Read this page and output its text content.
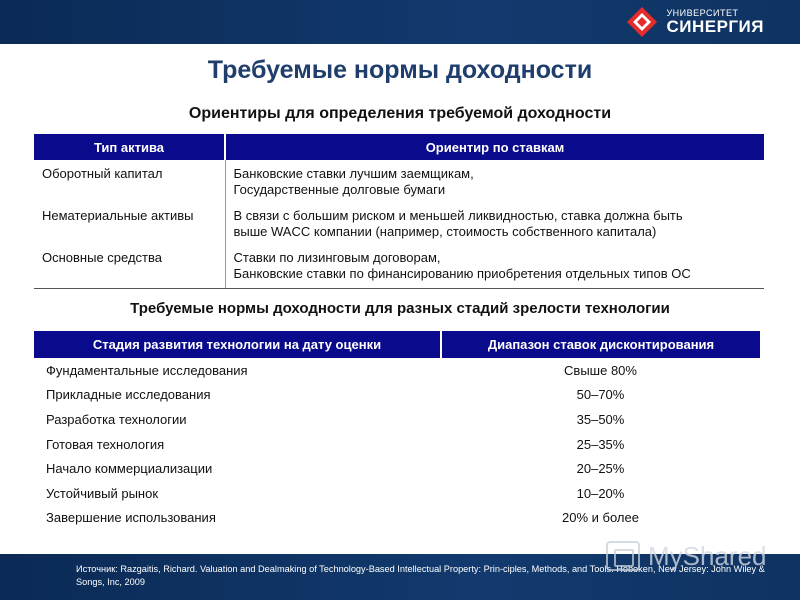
УНИВЕРСИТЕТ
СИНЕРГИЯ
Требуемые нормы доходности
Ориентиры для определения требуемой доходности
Тип актива	Ориентир по ставкам
Оборотный капитал	Банковские ставки лучшим заемщикам,
Государственные долговые бумаги
Нематериальные активы	В связи с большим риском и меньшей ликвидностью, ставка должна быть
выше WACC компании (например, стоимость собственного капитала)
Основные средства	Ставки по лизинговым договорам,
Банковские ставки по финансированию приобретения отдельных типов ОС
Требуемые нормы доходности для разных стадий зрелости технологии
Стадия развития технологии на дату оценки	Диапазон ставок дисконтирования
Фундаментальные исследования	Свыше 80%
Прикладные исследования	50–70%
Разработка технологии	35–50%
Готовая технология	25–35%
Начало коммерциализации	20–25%
Устойчивый рынок	10–20%
Завершение использования	20% и более
Источник: Razgaitis, Richard. Valuation and Dealmaking of Technology-Based Intellectual Property: Prin-ciples, Methods, and Tools. Hoboken, New Jersey: John Wiley & Songs, Inc, 2009
MyShared
